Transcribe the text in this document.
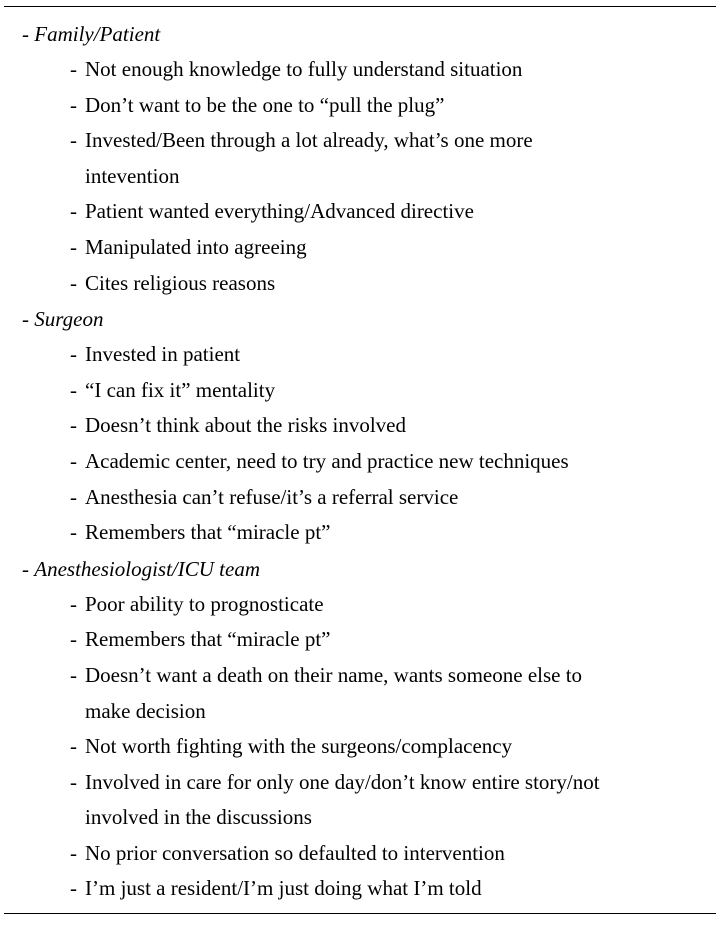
- Family/Patient
-Not enough knowledge to fully understand situation
-Don’t want to be the one to “pull the plug”
-Invested/Been through a lot already, what’s one more
intevention
-Patient wanted everything/Advanced directive
-Manipulated into agreeing
-Cites religious reasons
- Surgeon
-Invested in patient
-“I can fix it” mentality
-Doesn’t think about the risks involved
-Academic center, need to try and practice new techniques
-Anesthesia can’t refuse/it’s a referral service
-Remembers that “miracle pt”
- Anesthesiologist/ICU team
-Poor ability to prognosticate
-Remembers that “miracle pt”
-Doesn’t want a death on their name, wants someone else to
make decision
-Not worth fighting with the surgeons/complacency
-Involved in care for only one day/don’t know entire story/not
involved in the discussions
-No prior conversation so defaulted to intervention
-I’m just a resident/I’m just doing what I’m told
